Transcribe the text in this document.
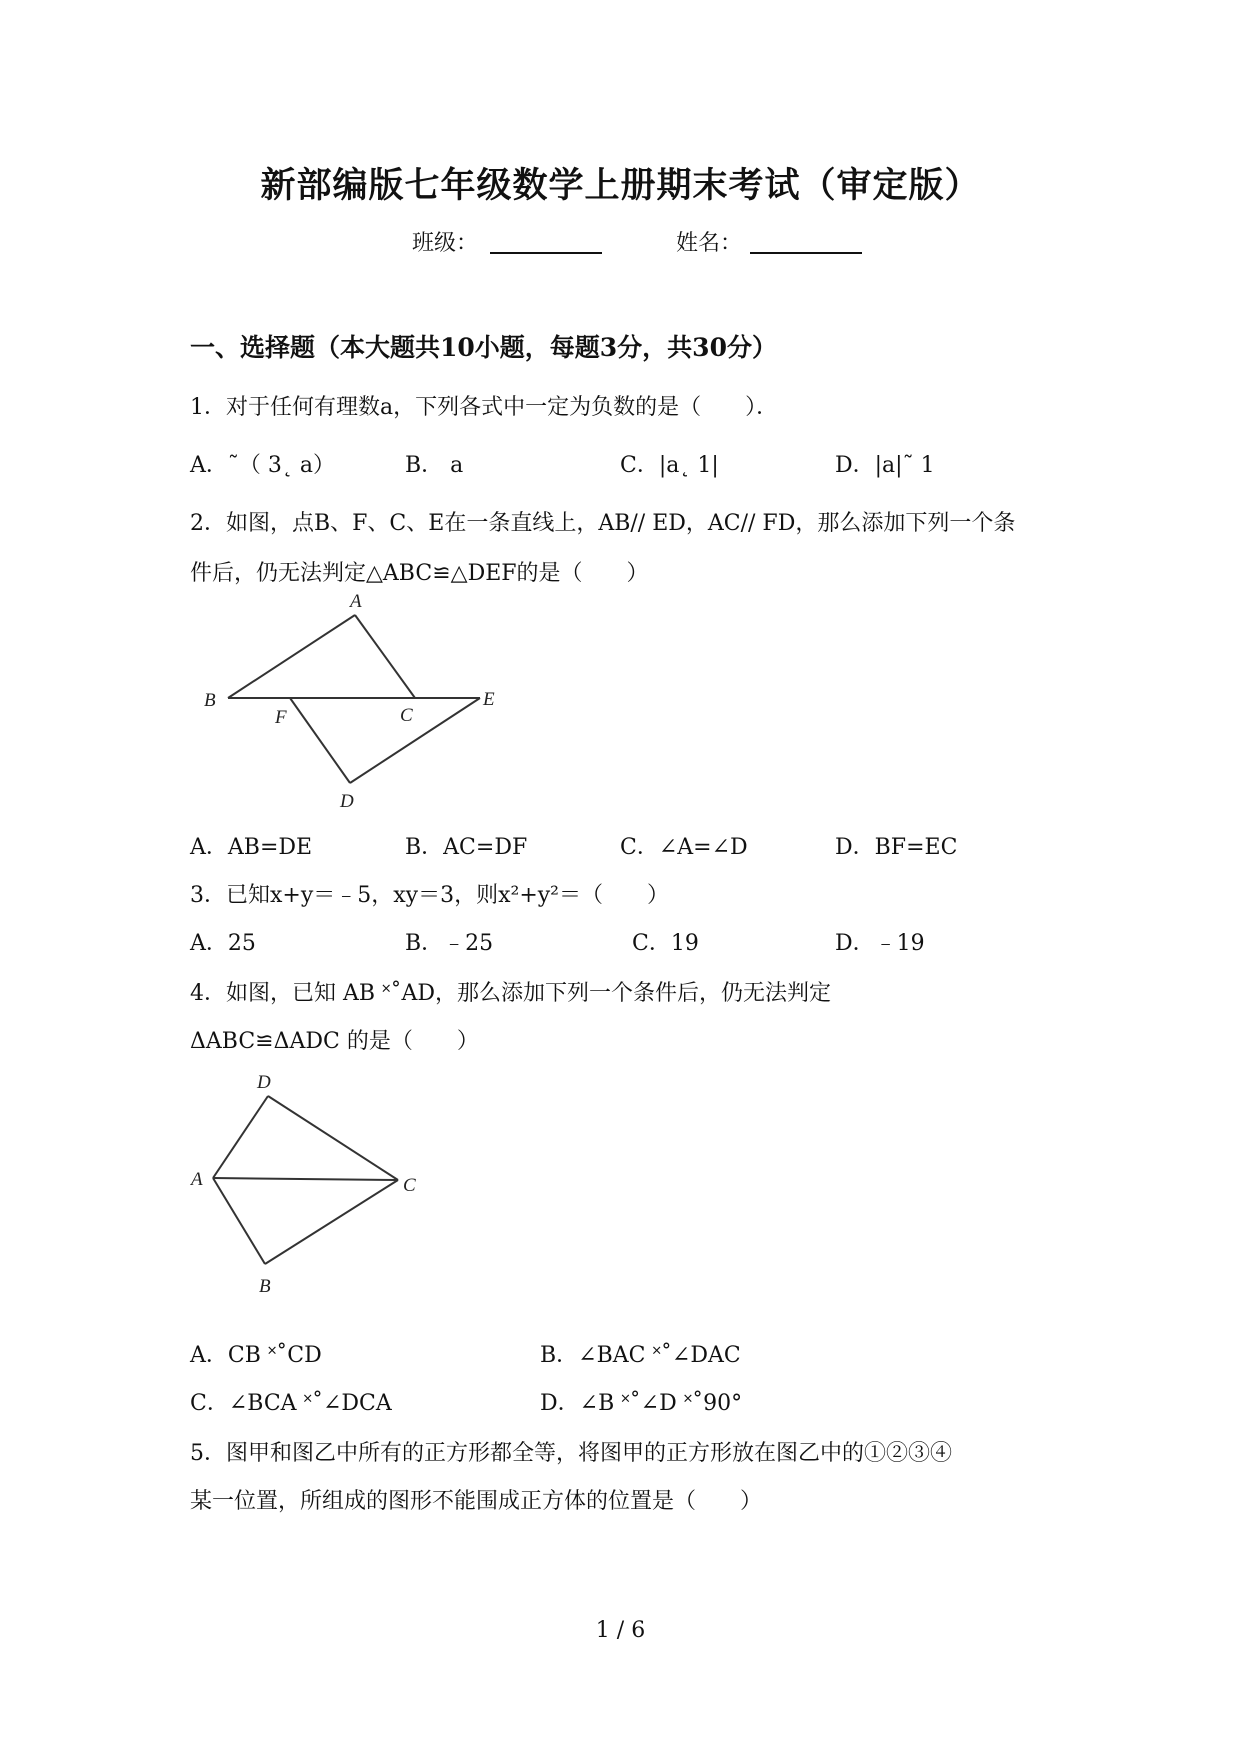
新部编版七年级数学上册期末考试（审定版）
班级：	姓名：
一、选择题（本大题共10小题，每题3分，共30分）
1．对于任何有理数a，下列各式中一定为负数的是（　　）．
A．˜（ 3˛ a）	B． a	C．|a˛ 1|	D．|a|˜ 1
2．如图，点B、F、C、E在一条直线上，AB// ED，AC// FD，那么添加下列一个条
件后，仍无法判定△ABC≌△DEF的是（　　）
A
B
F	C
E
D
A．AB=DE	B．AC=DF	C．∠A=∠D	D．BF=EC
3．已知x+y＝﹣5，xy＝3，则x²+y²＝（　　）
A．25	B．﹣25	C．19	D．﹣19
4．如图，已知 AB ˟˚AD，那么添加下列一个条件后，仍无法判定
ΔABC≌ΔADC 的是（　　）
D
A	C
B
A．CB ˟˚CD	B．∠BAC ˟˚∠DAC
C．∠BCA ˟˚∠DCA	D．∠B ˟˚∠D ˟˚90°
5．图甲和图乙中所有的正方形都全等，将图甲的正方形放在图乙中的①②③④
某一位置，所组成的图形不能围成正方体的位置是（　　）
1 / 6
